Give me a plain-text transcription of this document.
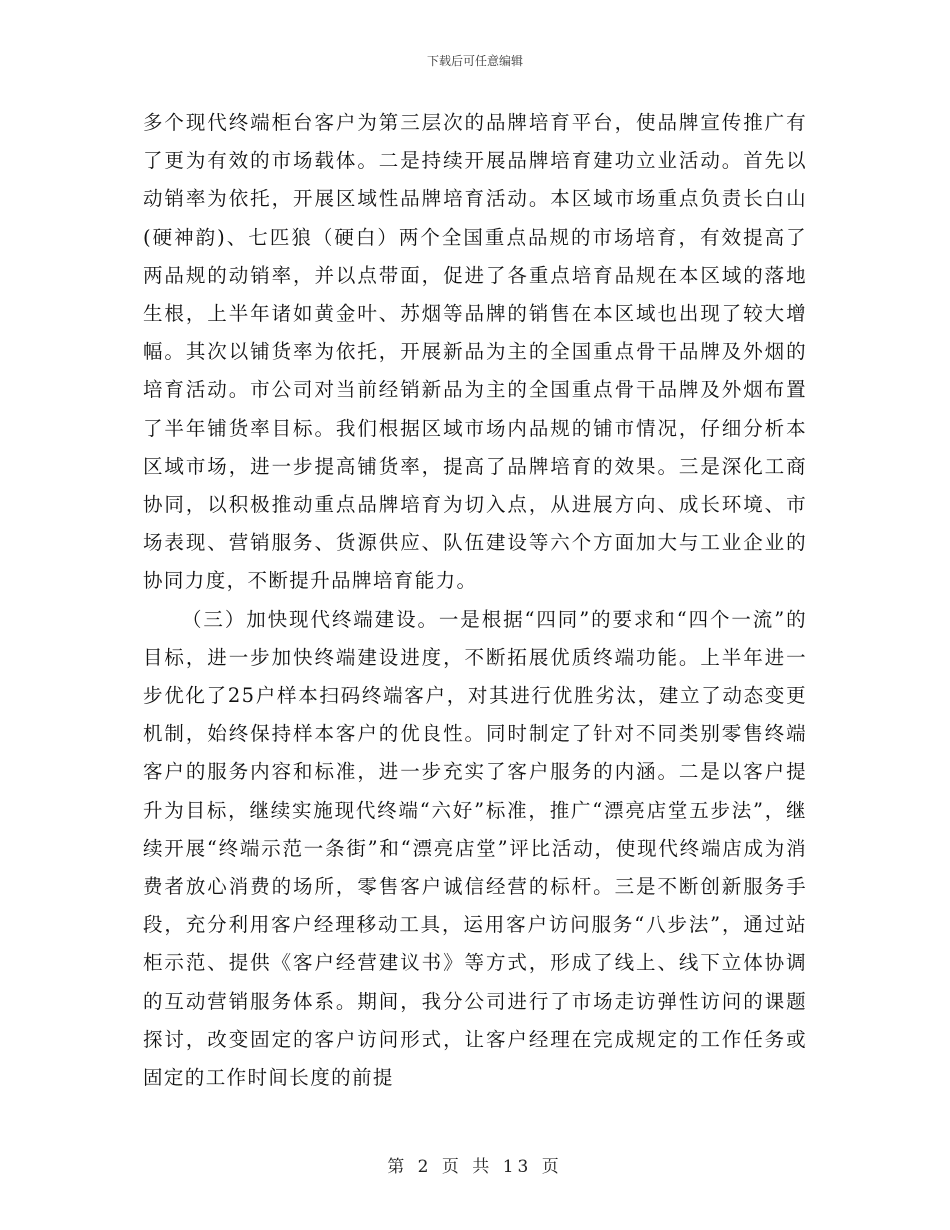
下载后可任意编辑

多个现代终端柜台客户为第三层次的品牌培育平台，使品牌宣传推广有了更为有效的市场载体。二是持续开展品牌培育建功立业活动。首先以动销率为依托，开展区域性品牌培育活动。本区域市场重点负责长白山(硬神韵)、七匹狼（硬白）两个全国重点品规的市场培育，有效提高了两品规的动销率，并以点带面，促进了各重点培育品规在本区域的落地生根，上半年诸如黄金叶、苏烟等品牌的销售在本区域也出现了较大增幅。其次以铺货率为依托，开展新品为主的全国重点骨干品牌及外烟的培育活动。市公司对当前经销新品为主的全国重点骨干品牌及外烟布置了半年铺货率目标。我们根据区域市场内品规的铺市情况，仔细分析本区域市场，进一步提高铺货率，提高了品牌培育的效果。三是深化工商协同，以积极推动重点品牌培育为切入点，从进展方向、成长环境、市场表现、营销服务、货源供应、队伍建设等六个方面加大与工业企业的协同力度，不断提升品牌培育能力。

（三）加快现代终端建设。一是根据“四同”的要求和“四个一流”的目标，进一步加快终端建设进度，不断拓展优质终端功能。上半年进一步优化了25户样本扫码终端客户，对其进行优胜劣汰，建立了动态变更机制，始终保持样本客户的优良性。同时制定了针对不同类别零售终端客户的服务内容和标准，进一步充实了客户服务的内涵。二是以客户提升为目标，继续实施现代终端“六好”标准，推广“漂亮店堂五步法”，继续开展“终端示范一条街”和“漂亮店堂”评比活动，使现代终端店成为消费者放心消费的场所，零售客户诚信经营的标杆。三是不断创新服务手段，充分利用客户经理移动工具，运用客户访问服务“八步法”，通过站柜示范、提供《客户经营建议书》等方式，形成了线上、线下立体协调的互动营销服务体系。期间，我分公司进行了市场走访弹性访问的课题探讨，改变固定的客户访问形式，让客户经理在完成规定的工作任务或固定的工作时间长度的前提

第 2 页 共 13 页
